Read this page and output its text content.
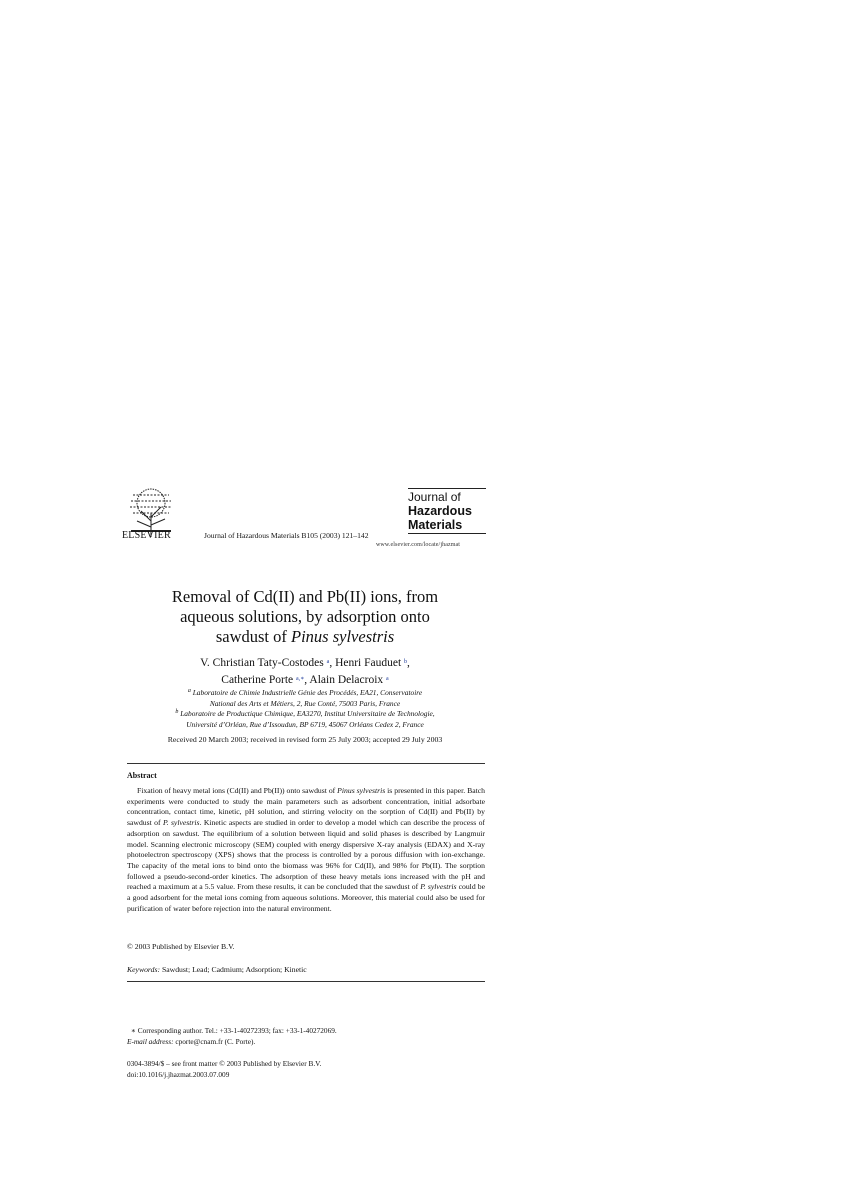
ELSEVIER	Journal of Hazardous Materials B105 (2003) 121–142
Journal of
Hazardous
Materials
www.elsevier.com/locate/jhazmat
Removal of Cd(II) and Pb(II) ions, from
aqueous solutions, by adsorption onto
sawdust of Pinus sylvestris
V. Christian Taty-Costodes $^a$, Henri Fauduet $^b$,
Catherine Porte $^{a,∗}$, Alain Delacroix $^a$
$^a$ Laboratoire de Chimie Industrielle Génie des Procédés, EA21, Conservatoire
National des Arts et Métiers, 2, Rue Conté, 75003 Paris, France
$^b$ Laboratoire de Productique Chimique, EA3270, Institut Universitaire de Technologie,
Université d’Orléan, Rue d’Issoudun, BP 6719, 45067 Orléans Cedex 2, France
Received 20 March 2003; received in revised form 25 July 2003; accepted 29 July 2003
Abstract
Fixation of heavy metal ions (Cd(II) and Pb(II)) onto sawdust of Pinus sylvestris is presented in this paper. Batch experiments were conducted to study the main parameters such as adsorbent concentration, initial adsorbate concentration, contact time, kinetic, pH solution, and stirring velocity on the sorption of Cd(II) and Pb(II) by sawdust of P. sylvestris. Kinetic aspects are studied in order to develop a model which can describe the process of adsorption on sawdust. The equilibrium of a solution between liquid and solid phases is described by Langmuir model. Scanning electronic microscopy (SEM) coupled with energy dispersive X-ray analysis (EDAX) and X-ray photoelectron spectroscopy (XPS) shows that the process is controlled by a porous diffusion with ion-exchange. The capacity of the metal ions to bind onto the biomass was 96% for Cd(II), and 98% for Pb(II). The sorption followed a pseudo-second-order kinetics. The adsorption of these heavy metals ions increased with the pH and reached a maximum at a 5.5 value. From these results, it can be concluded that the sawdust of P. sylvestris could be a good adsorbent for the metal ions coming from aqueous solutions. Moreover, this material could also be used for purification of water before rejection into the natural environment.
© 2003 Published by Elsevier B.V.
Keywords: Sawdust; Lead; Cadmium; Adsorption; Kinetic
∗ Corresponding author. Tel.: +33-1-40272393; fax: +33-1-40272069.
E-mail address: cporte@cnam.fr (C. Porte).
0304-3894/$ – see front matter © 2003 Published by Elsevier B.V.
doi:10.1016/j.jhazmat.2003.07.009
